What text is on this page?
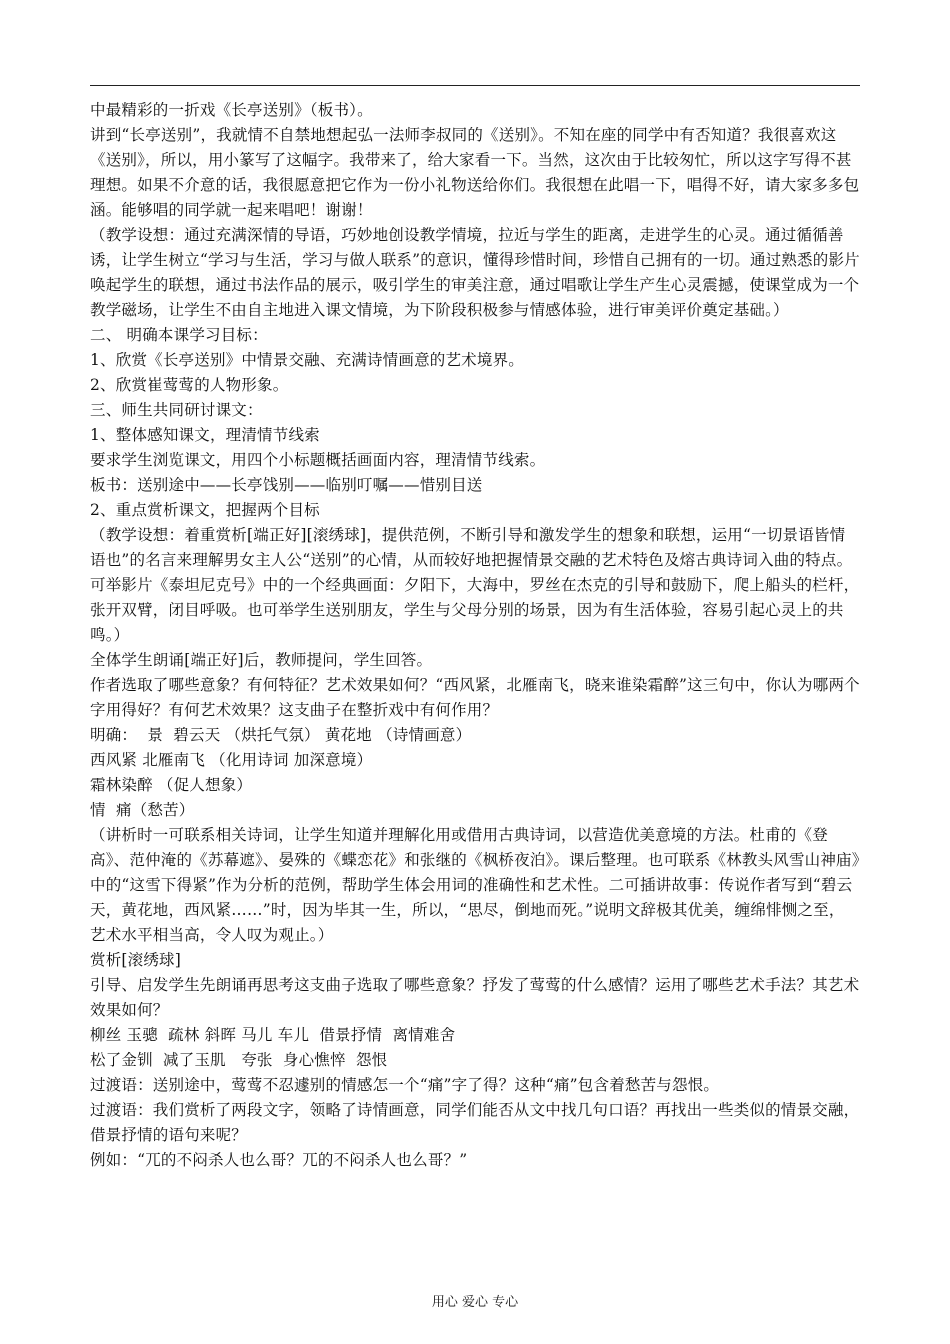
中最精彩的一折戏《长亭送别》（板书）。

讲到“长亭送别”，我就情不自禁地想起弘一法师李叔同的《送别》。不知在座的同学中有否知道？我很喜欢这《送别》，所以，用小篆写了这幅字。我带来了，给大家看一下。当然，这次由于比较匆忙，所以这字写得不甚理想。如果不介意的话，我很愿意把它作为一份小礼物送给你们。我很想在此唱一下，唱得不好，请大家多多包涵。能够唱的同学就一起来唱吧！谢谢！

（教学设想：通过充满深情的导语，巧妙地创设教学情境，拉近与学生的距离，走进学生的心灵。通过循循善诱，让学生树立“学习与生活，学习与做人联系”的意识，懂得珍惜时间，珍惜自己拥有的一切。通过熟悉的影片唤起学生的联想，通过书法作品的展示，吸引学生的审美注意，通过唱歌让学生产生心灵震撼，使课堂成为一个教学磁场，让学生不由自主地进入课文情境，为下阶段积极参与情感体验，进行审美评价奠定基础。）

二、 明确本课学习目标：

1、欣赏《长亭送别》中情景交融、充满诗情画意的艺术境界。

2、欣赏崔莺莺的人物形象。

三、师生共同研讨课文：

1、整体感知课文，理清情节线索

要求学生浏览课文，用四个小标题概括画面内容，理清情节线索。

板书：送别途中——长亭饯别——临别叮嘱——惜别目送

2、重点赏析课文，把握两个目标

（教学设想：着重赏析[端正好][滚绣球]，提供范例，不断引导和激发学生的想象和联想，运用“一切景语皆情语也”的名言来理解男女主人公“送别”的心情，从而较好地把握情景交融的艺术特色及熔古典诗词入曲的特点。可举影片《泰坦尼克号》中的一个经典画面：夕阳下，大海中，罗丝在杰克的引导和鼓励下，爬上船头的栏杆，张开双臂，闭目呼吸。也可举学生送别朋友，学生与父母分别的场景，因为有生活体验，容易引起心灵上的共鸣。）

全体学生朗诵[端正好]后，教师提问，学生回答。

作者选取了哪些意象？有何特征？艺术效果如何？“西风紧，北雁南飞，晓来谁染霜醉”这三句中，你认为哪两个字用得好？有何艺术效果？这支曲子在整折戏中有何作用？

明确：  景  碧云天 （烘托气氛） 黄花地 （诗情画意）

西风紧 北雁南飞 （化用诗词 加深意境）

霜林染醉 （促人想象）

情  痛（愁苦）

（讲析时一可联系相关诗词，让学生知道并理解化用或借用古典诗词，以营造优美意境的方法。杜甫的《登高》、范仲淹的《苏幕遮》、晏殊的《蝶恋花》和张继的《枫桥夜泊》。课后整理。也可联系《林教头风雪山神庙》中的“这雪下得紧”作为分析的范例，帮助学生体会用词的准确性和艺术性。二可插讲故事：传说作者写到“碧云天，黄花地，西风紧……”时，因为毕其一生，所以，“思尽，倒地而死。”说明文辞极其优美，缠绵悱恻之至，艺术水平相当高，令人叹为观止。）

赏析[滚绣球]

引导、启发学生先朗诵再思考这支曲子选取了哪些意象？抒发了莺莺的什么感情？运用了哪些艺术手法？其艺术效果如何？

柳丝 玉骢  疏林 斜晖 马儿 车儿  借景抒情  离情难舍

松了金钏  减了玉肌   夸张  身心憔悴  怨恨

过渡语：送别途中，莺莺不忍遽别的情感怎一个“痛”字了得？这种“痛”包含着愁苦与怨恨。

过渡语：我们赏析了两段文字，领略了诗情画意，同学们能否从文中找几句口语？再找出一些类似的情景交融，借景抒情的语句来呢？

例如：“兀的不闷杀人也么哥？兀的不闷杀人也么哥？”

用心 爱心 专心
